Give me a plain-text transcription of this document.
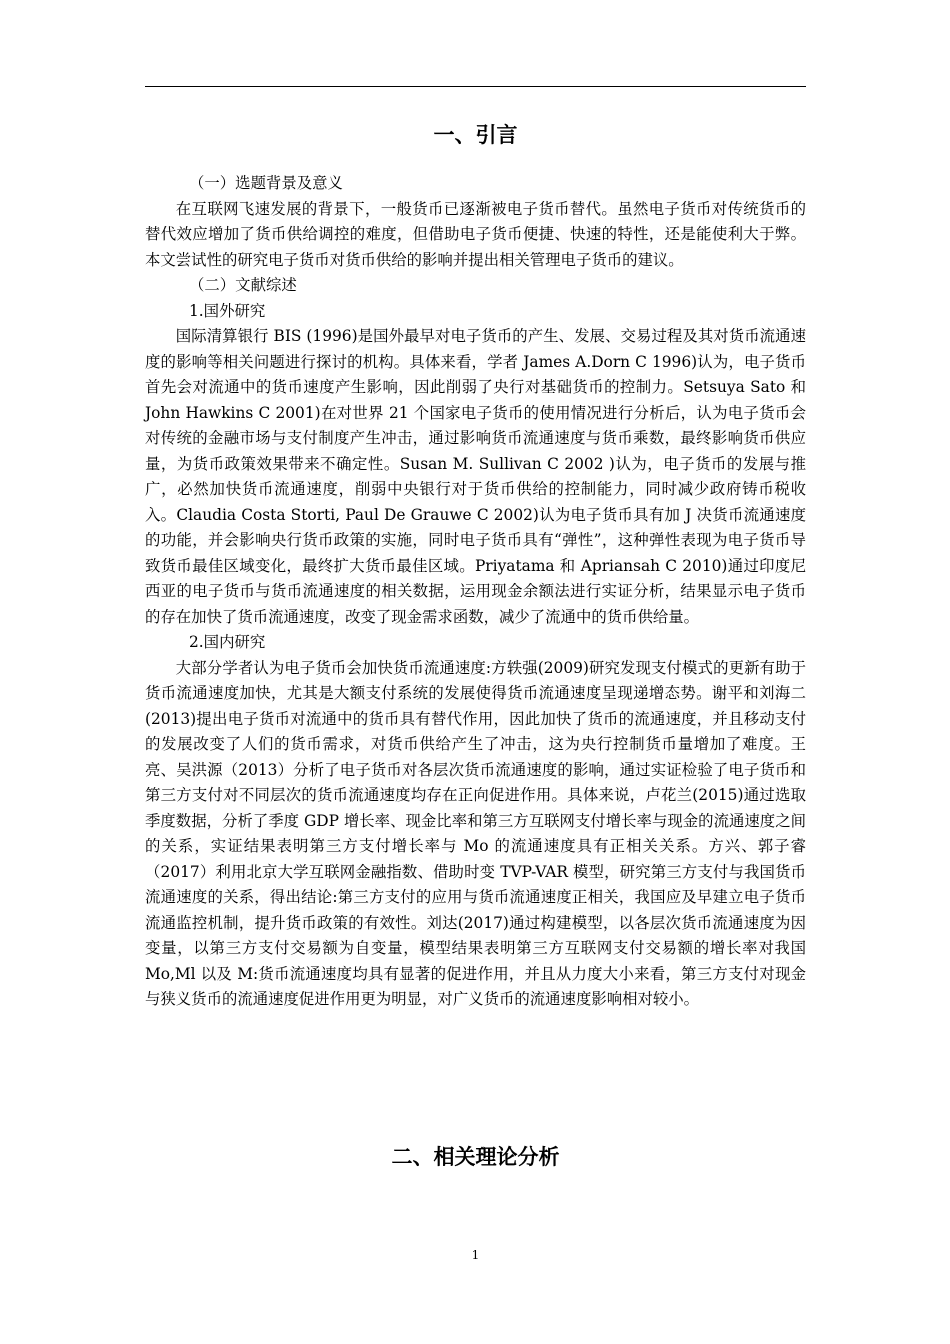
一、引言

（一）选题背景及意义

在互联网飞速发展的背景下，一般货币已逐渐被电子货币替代。虽然电子货币对传统货币的替代效应增加了货币供给调控的难度，但借助电子货币便捷、快速的特性，还是能使利大于弊。本文尝试性的研究电子货币对货币供给的影响并提出相关管理电子货币的建议。

（二）文献综述

1.国外研究

国际清算银行 BIS (1996)是国外最早对电子货币的产生、发展、交易过程及其对货币流通速度的影响等相关问题进行探讨的机构。具体来看，学者 James A.Dorn C 1996)认为，电子货币首先会对流通中的货币速度产生影响，因此削弱了央行对基础货币的控制力。Setsuya Sato 和 John Hawkins C 2001)在对世界 21 个国家电子货币的使用情况进行分析后，认为电子货币会对传统的金融市场与支付制度产生冲击，通过影响货币流通速度与货币乘数，最终影响货币供应量，为货币政策效果带来不确定性。Susan M. Sullivan C 2002 )认为，电子货币的发展与推广，必然加快货币流通速度，削弱中央银行对于货币供给的控制能力，同时减少政府铸币税收入。Claudia Costa Storti, Paul De Grauwe C 2002)认为电子货币具有加 J 决货币流通速度的功能，并会影响央行货币政策的实施，同时电子货币具有“弹性”，这种弹性表现为电子货币导致货币最佳区域变化，最终扩大货币最佳区域。Priyatama 和 Apriansah C 2010)通过印度尼西亚的电子货币与货币流通速度的相关数据，运用现金余额法进行实证分析，结果显示电子货币的存在加快了货币流通速度，改变了现金需求函数，减少了流通中的货币供给量。

2.国内研究

大部分学者认为电子货币会加快货币流通速度:方轶强(2009)研究发现支付模式的更新有助于货币流通速度加快，尤其是大额支付系统的发展使得货币流通速度呈现递增态势。谢平和刘海二(2013)提出电子货币对流通中的货币具有替代作用，因此加快了货币的流通速度，并且移动支付的发展改变了人们的货币需求，对货币供给产生了冲击，这为央行控制货币量增加了难度。王亮、吴洪源（2013）分析了电子货币对各层次货币流通速度的影响，通过实证检验了电子货币和第三方支付对不同层次的货币流通速度均存在正向促进作用。具体来说，卢花兰(2015)通过选取季度数据，分析了季度 GDP 增长率、现金比率和第三方互联网支付增长率与现金的流通速度之间的关系，实证结果表明第三方支付增长率与 Mo 的流通速度具有正相关关系。方兴、郭子睿（2017）利用北京大学互联网金融指数、借助时变 TVP-VAR 模型，研究第三方支付与我国货币流通速度的关系，得出结论:第三方支付的应用与货币流通速度正相关，我国应及早建立电子货币流通监控机制，提升货币政策的有效性。刘达(2017)通过构建模型，以各层次货币流通速度为因变量，以第三方支付交易额为自变量，模型结果表明第三方互联网支付交易额的增长率对我国 Mo,Ml 以及 M:货币流通速度均具有显著的促进作用，并且从力度大小来看，第三方支付对现金与狭义货币的流通速度促进作用更为明显，对广义货币的流通速度影响相对较小。

二、相关理论分析
1
